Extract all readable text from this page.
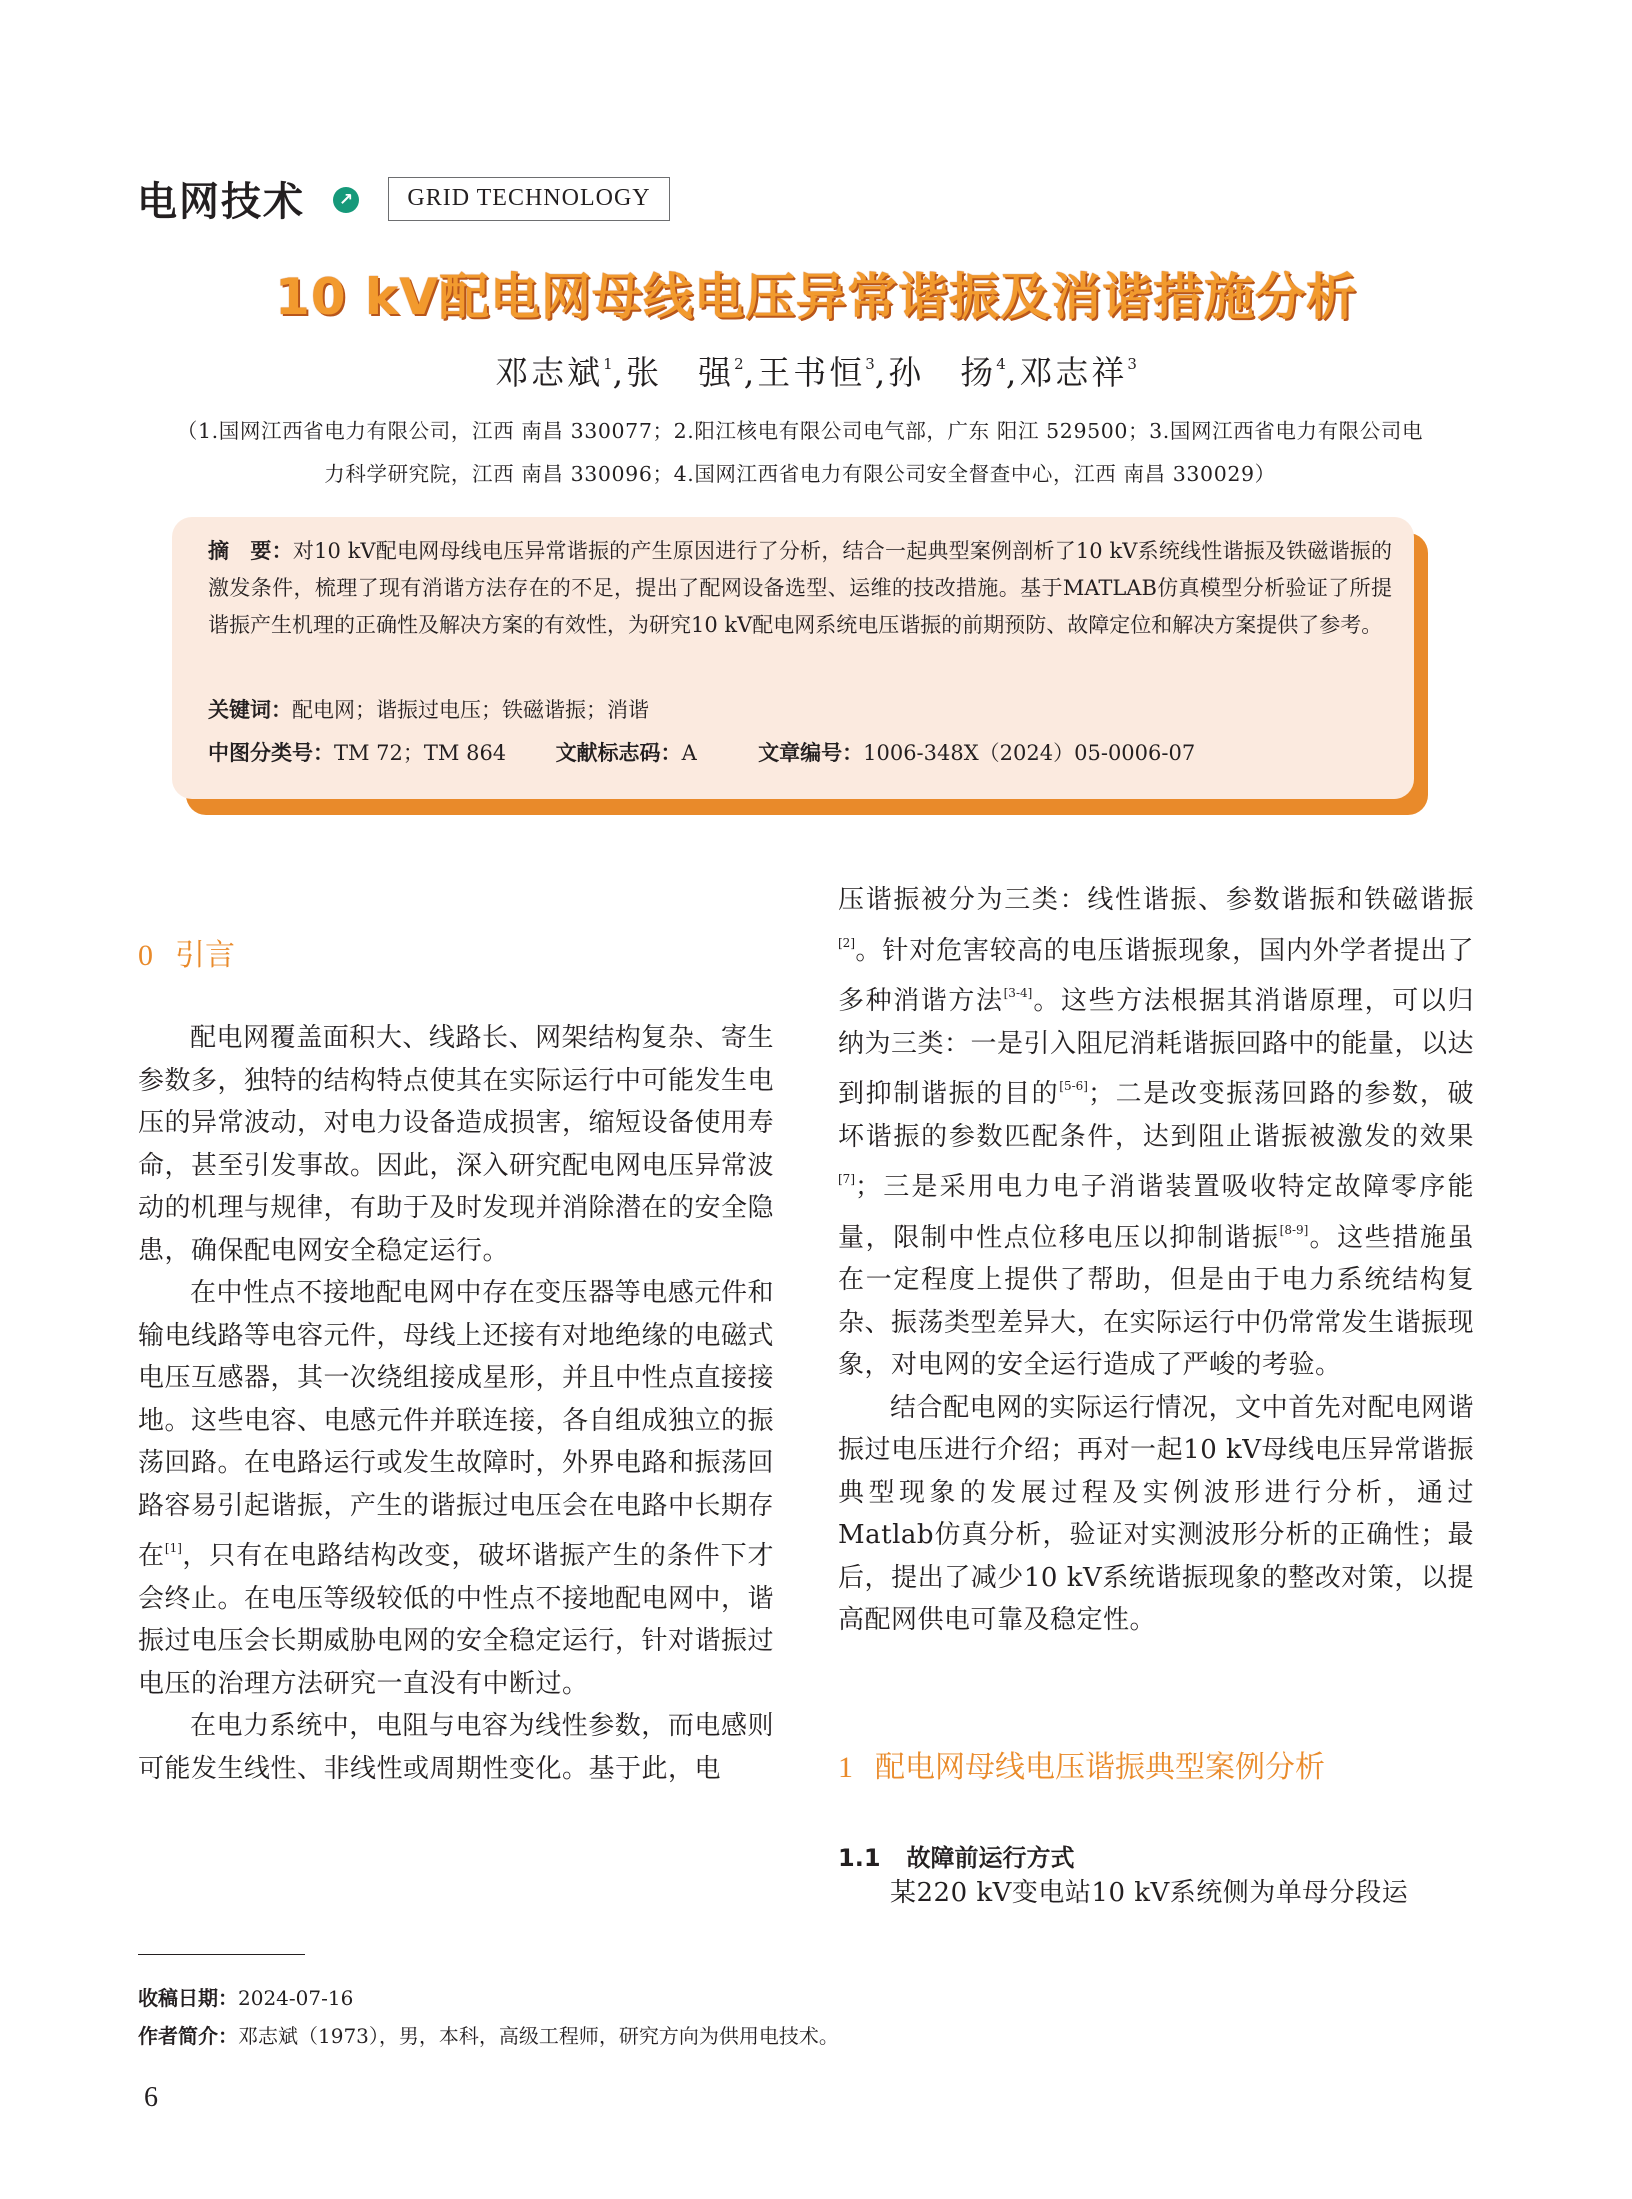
电网技术	↗	GRID TECHNOLOGY
10 kV配电网母线电压异常谐振及消谐措施分析
邓志斌$^1$,张　强$^2$,王书恒$^3$,孙　扬$^4$,邓志祥$^3$
（1.国网江西省电力有限公司，江西 南昌 330077；2.阳江核电有限公司电气部，广东 阳江 529500；3.国网江西省电力有限公司电
力科学研究院，江西 南昌 330096；4.国网江西省电力有限公司安全督查中心，江西 南昌 330029）
摘　要：对10 kV配电网母线电压异常谐振的产生原因进行了分析，结合一起典型案例剖析了10 kV系统线性谐振及铁磁谐振的激发条件，梳理了现有消谐方法存在的不足，提出了配网设备选型、运维的技改措施。基于MATLAB仿真模型分析验证了所提谐振产生机理的正确性及解决方案的有效性，为研究10 kV配电网系统电压谐振的前期预防、故障定位和解决方案提供了参考。
关键词：配电网；谐振过电压；铁磁谐振；消谐
中图分类号：TM 72；TM 864 文献标志码：A	文章编号：1006-348X（2024）05-0006-07
0 引言

配电网覆盖面积大、线路长、网架结构复杂、寄生参数多，独特的结构特点使其在实际运行中可能发生电压的异常波动，对电力设备造成损害，缩短设备使用寿命，甚至引发事故。因此，深入研究配电网电压异常波动的机理与规律，有助于及时发现并消除潜在的安全隐患，确保配电网安全稳定运行。

在中性点不接地配电网中存在变压器等电感元件和输电线路等电容元件，母线上还接有对地绝缘的电磁式电压互感器，其一次绕组接成星形，并且中性点直接接地。这些电容、电感元件并联连接，各自组成独立的振荡回路。在电路运行或发生故障时，外界电路和振荡回路容易引起谐振，产生的谐振过电压会在电路中长期存在[1]，只有在电路结构改变，破坏谐振产生的条件下才会终止。在电压等级较低的中性点不接地配电网中，谐振过电压会长期威胁电网的安全稳定运行，针对谐振过电压的治理方法研究一直没有中断过。

在电力系统中，电阻与电容为线性参数，而电感则可能发生线性、非线性或周期性变化。基于此，电

压谐振被分为三类：线性谐振、参数谐振和铁磁谐振[2]。针对危害较高的电压谐振现象，国内外学者提出了多种消谐方法[3-4]。这些方法根据其消谐原理，可以归纳为三类：一是引入阻尼消耗谐振回路中的能量，以达到抑制谐振的目的[5-6]；二是改变振荡回路的参数，破坏谐振的参数匹配条件，达到阻止谐振被激发的效果[7]；三是采用电力电子消谐装置吸收特定故障零序能量，限制中性点位移电压以抑制谐振[8-9]。这些措施虽在一定程度上提供了帮助，但是由于电力系统结构复杂、振荡类型差异大，在实际运行中仍常常发生谐振现象，对电网的安全运行造成了严峻的考验。

结合配电网的实际运行情况，文中首先对配电网谐振过电压进行介绍；再对一起10 kV母线电压异常谐振典型现象的发展过程及实例波形进行分析，通过Matlab仿真分析，验证对实测波形分析的正确性；最后，提出了减少10 kV系统谐振现象的整改对策，以提高配网供电可靠及稳定性。

1 配电网母线电压谐振典型案例分析
1.1 故障前运行方式

某220 kV变电站10 kV系统侧为单母分段运

收稿日期：2024-07-16
作者简介：邓志斌（1973），男，本科，高级工程师，研究方向为供用电技术。
6
